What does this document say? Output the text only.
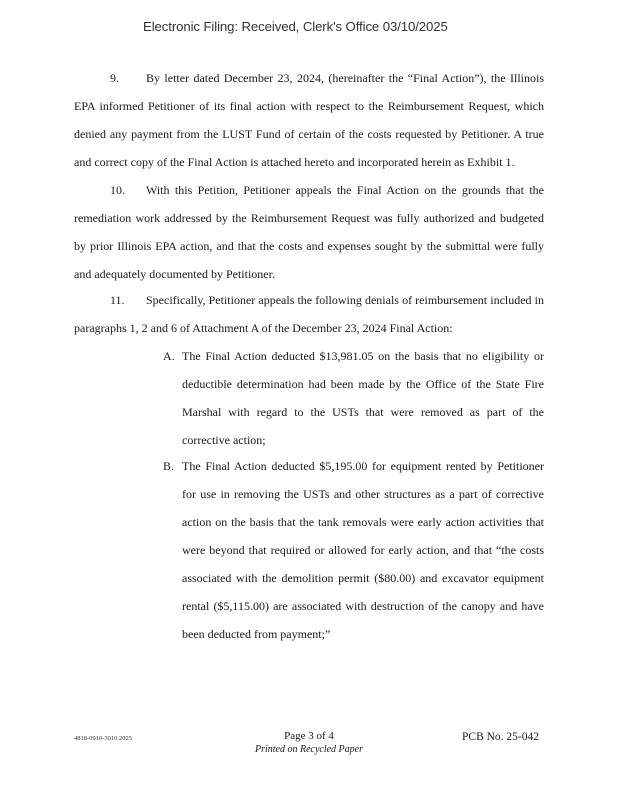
Electronic Filing: Received, Clerk's Office 03/10/2025
9. By letter dated December 23, 2024, (hereinafter the “Final Action”), the Illinois EPA informed Petitioner of its final action with respect to the Reimbursement Request, which denied any payment from the LUST Fund of certain of the costs requested by Petitioner. A true and correct copy of the Final Action is attached hereto and incorporated herein as Exhibit 1.
10. With this Petition, Petitioner appeals the Final Action on the grounds that the remediation work addressed by the Reimbursement Request was fully authorized and budgeted by prior Illinois EPA action, and that the costs and expenses sought by the submittal were fully and adequately documented by Petitioner.
11. Specifically, Petitioner appeals the following denials of reimbursement included in paragraphs 1, 2 and 6 of Attachment A of the December 23, 2024 Final Action:
A. The Final Action deducted $13,981.05 on the basis that no eligibility or deductible determination had been made by the Office of the State Fire Marshal with regard to the USTs that were removed as part of the corrective action;
B. The Final Action deducted $5,195.00 for equipment rented by Petitioner for use in removing the USTs and other structures as a part of corrective action on the basis that the tank removals were early action activities that were beyond that required or allowed for early action, and that “the costs associated with the demolition permit ($80.00) and excavator equipment rental ($5,115.00) are associated with destruction of the canopy and have been deducted from payment;”
4818-0910-3010.2025	Page 3 of 4
Printed on Recycled Paper
PCB No. 25-042
